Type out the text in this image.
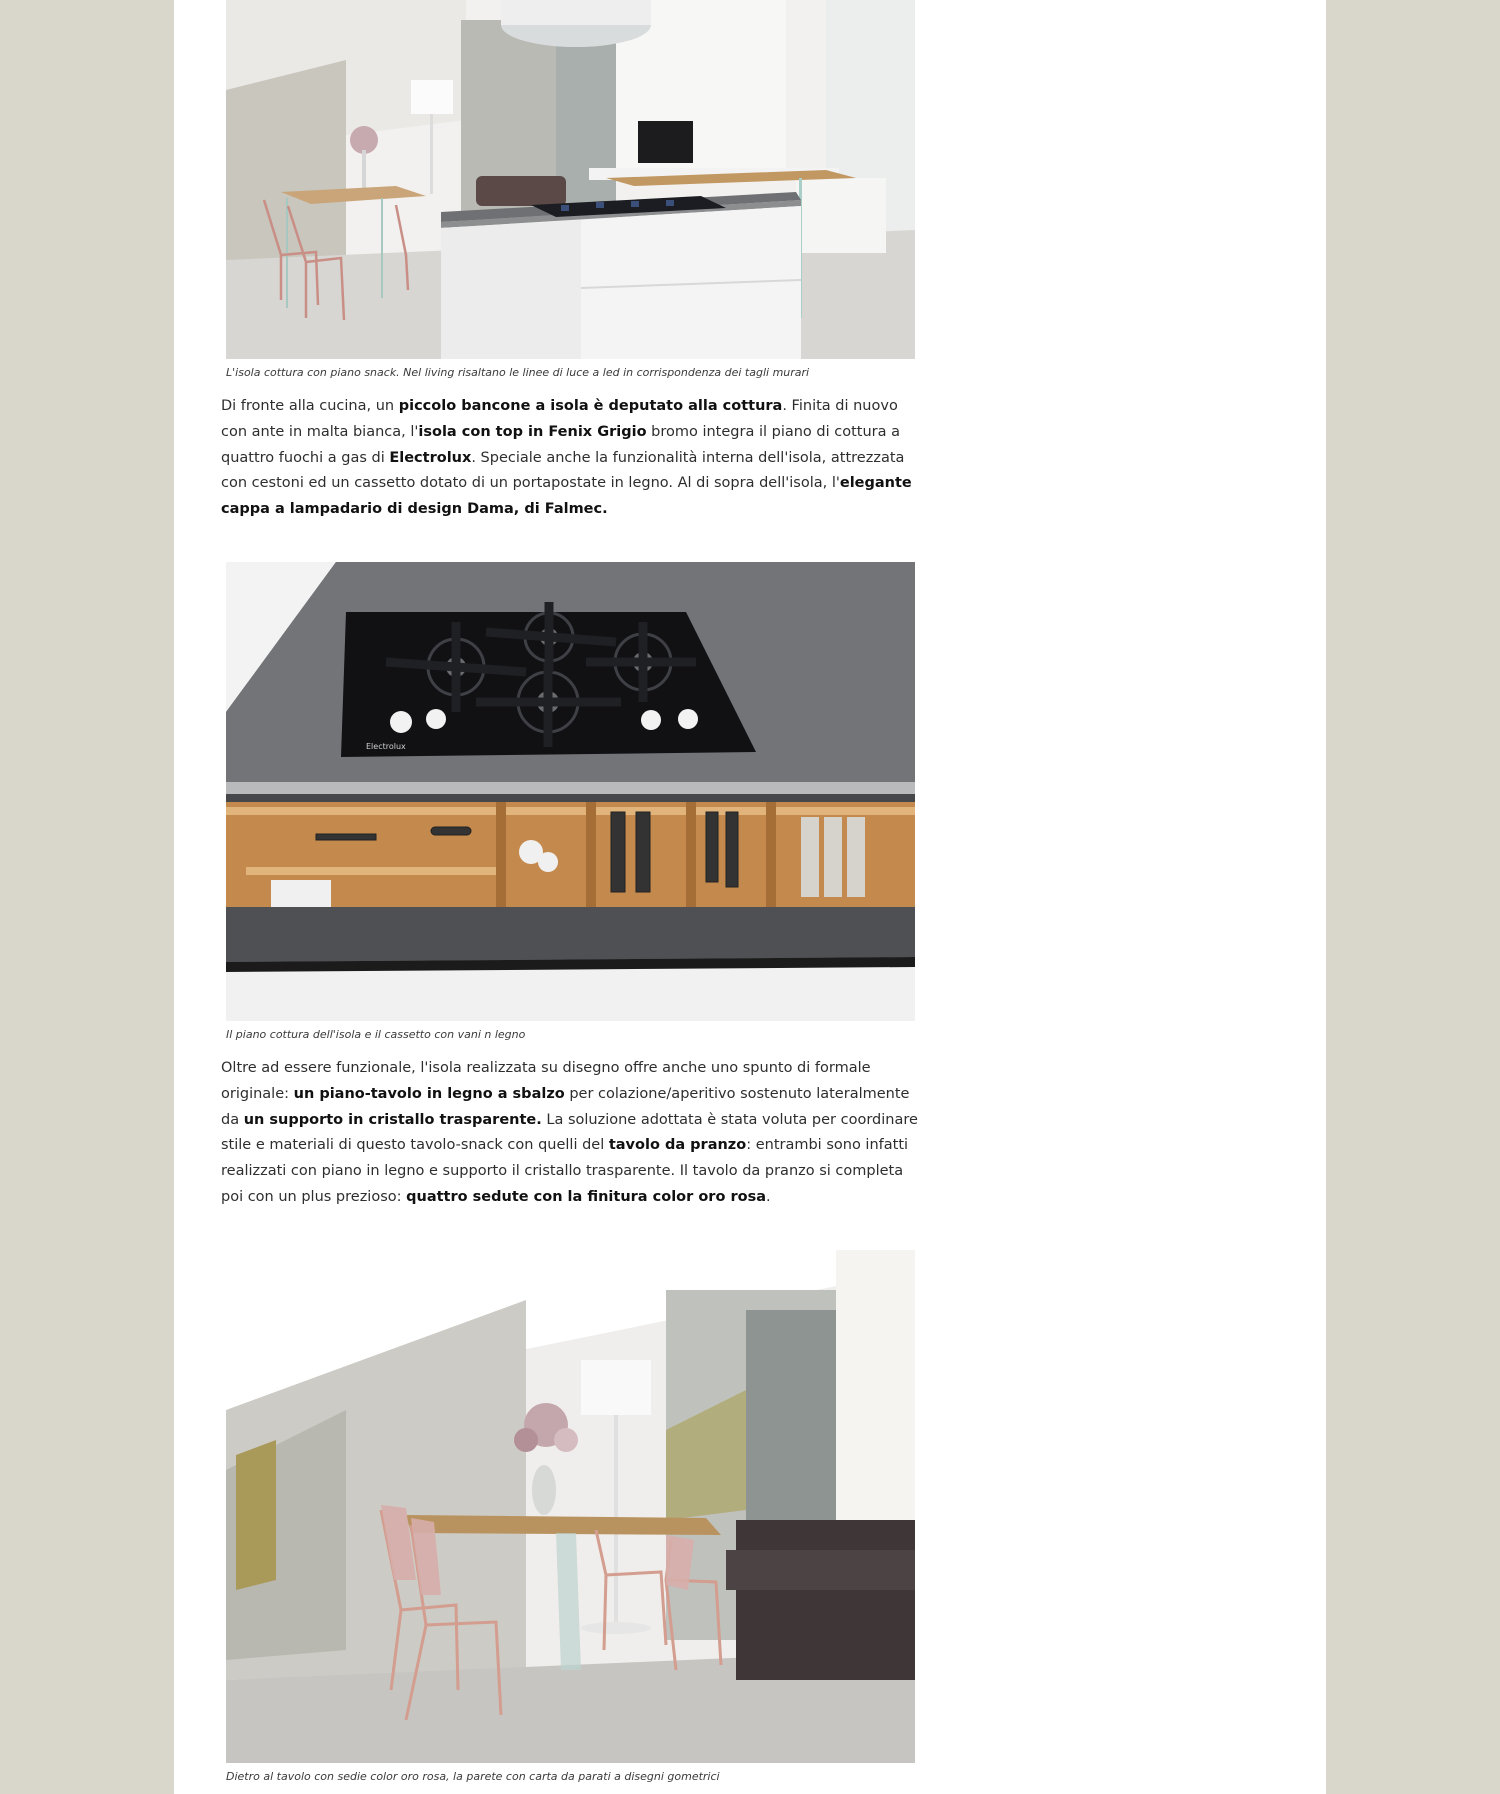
L'isola cottura con piano snack. Nel living risaltano le linee di luce a led in corrispondenza dei tagli murari

Di fronte alla cucina, un piccolo bancone a isola è deputato alla cottura. Finita di nuovo con ante in malta bianca, l'isola con top in Fenix Grigio bromo integra il piano di cottura a quattro fuochi a gas di Electrolux. Speciale anche la funzionalità interna dell'isola, attrezzata con cestoni ed un cassetto dotato di un portapostate in legno. Al di sopra dell'isola, l'elegante cappa a lampadario di design Dama, di Falmec.

Electrolux
Il piano cottura dell'isola e il cassetto con vani n legno

Oltre ad essere funzionale, l'isola realizzata su disegno offre anche uno spunto di formale originale: un piano-tavolo in legno a sbalzo per colazione/aperitivo sostenuto lateralmente da un supporto in cristallo trasparente. La soluzione adottata è stata voluta per coordinare stile e materiali di questo tavolo-snack con quelli del tavolo da pranzo: entrambi sono infatti realizzati con piano in legno e supporto il cristallo trasparente. Il tavolo da pranzo si completa poi con un plus prezioso: quattro sedute con la finitura color oro rosa.

Dietro al tavolo con sedie color oro rosa, la parete con carta da parati a disegni gometrici
